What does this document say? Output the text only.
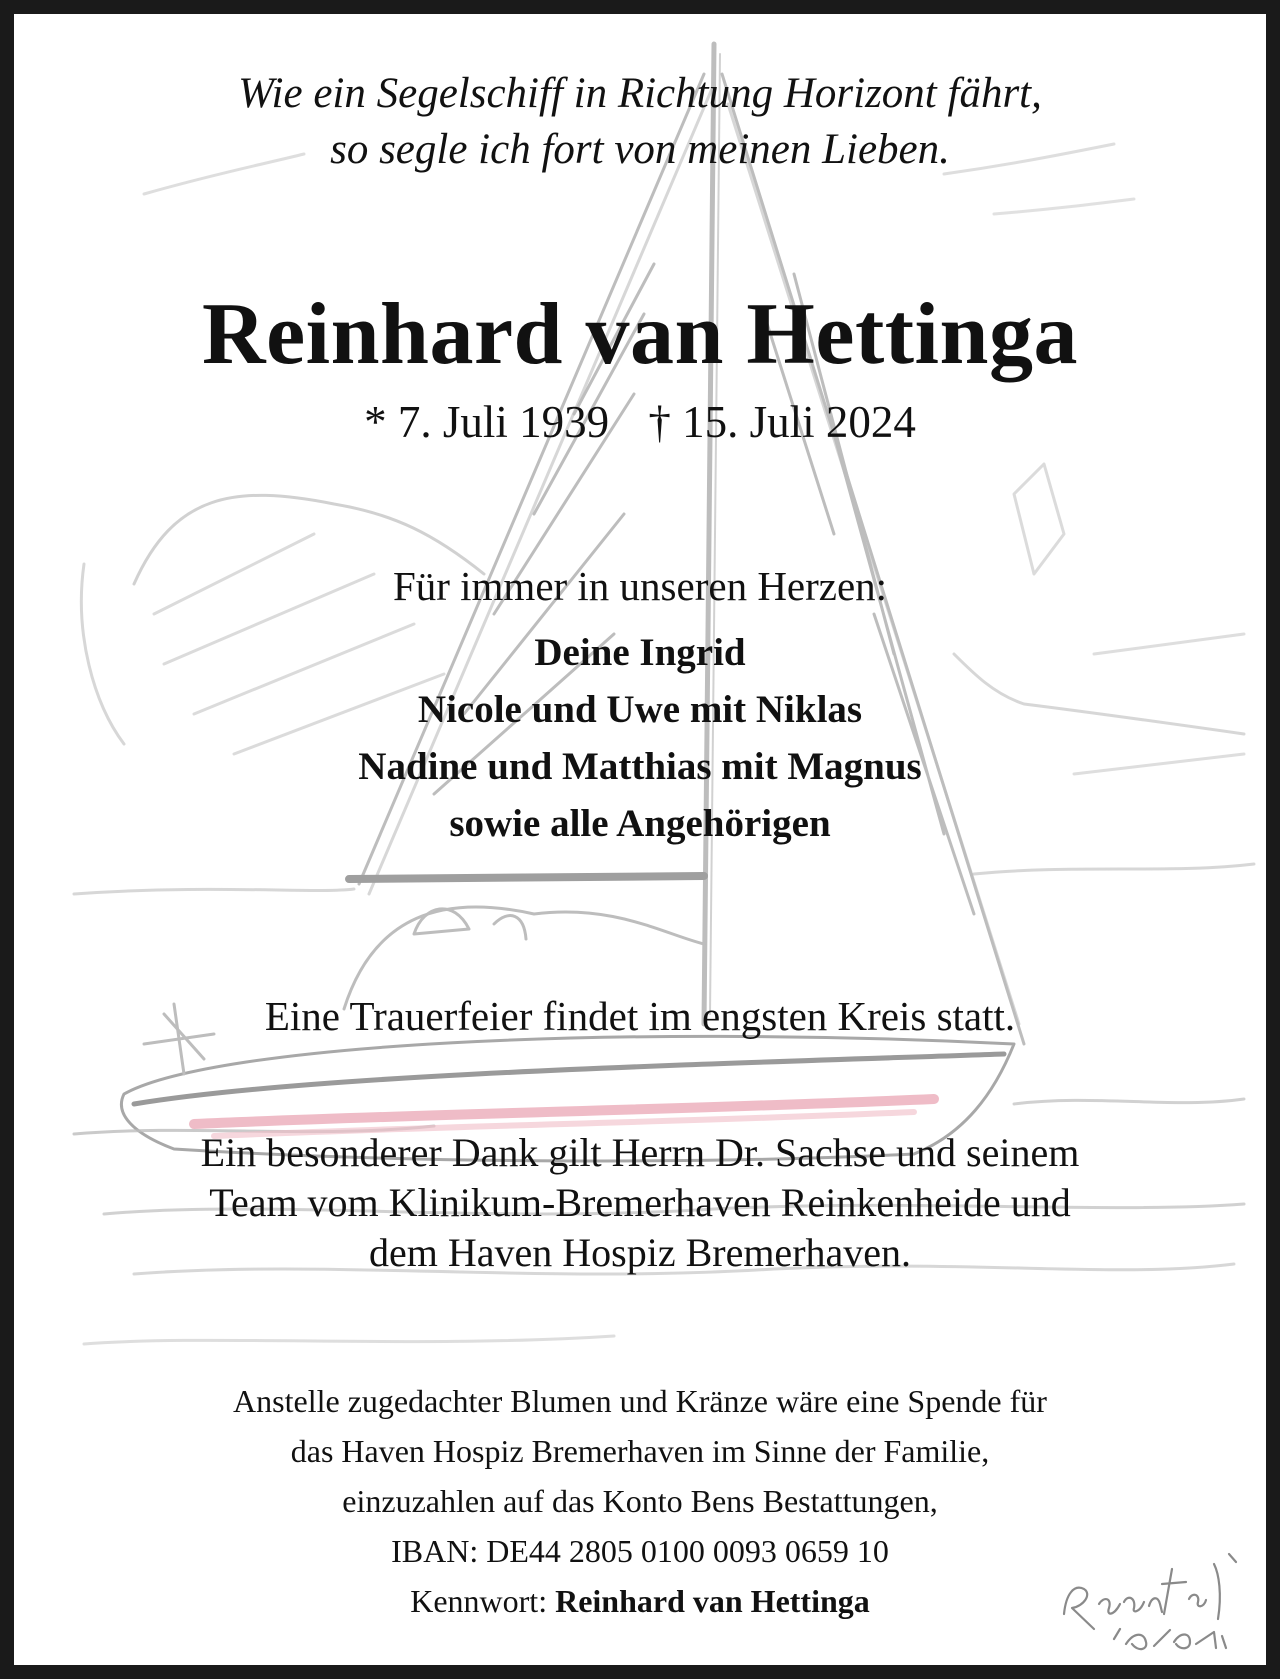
Wie ein Segelschiff in Richtung Horizont fährt,
so segle ich fort von meinen Lieben.
Reinhard van Hettinga
* 7. Juli 1939 † 15. Juli 2024
Für immer in unseren Herzen:
Deine Ingrid
Nicole und Uwe mit Niklas
Nadine und Matthias mit Magnus
sowie alle Angehörigen
Eine Trauerfeier findet im engsten Kreis statt.
Ein besonderer Dank gilt Herrn Dr. Sachse und seinem
Team vom Klinikum-Bremerhaven Reinkenheide und
dem Haven Hospiz Bremerhaven.
Anstelle zugedachter Blumen und Kränze wäre eine Spende für
das Haven Hospiz Bremerhaven im Sinne der Familie,
einzuzahlen auf das Konto Bens Bestattungen,
IBAN: DE44 2805 0100 0093 0659 10
Kennwort: Reinhard van Hettinga
